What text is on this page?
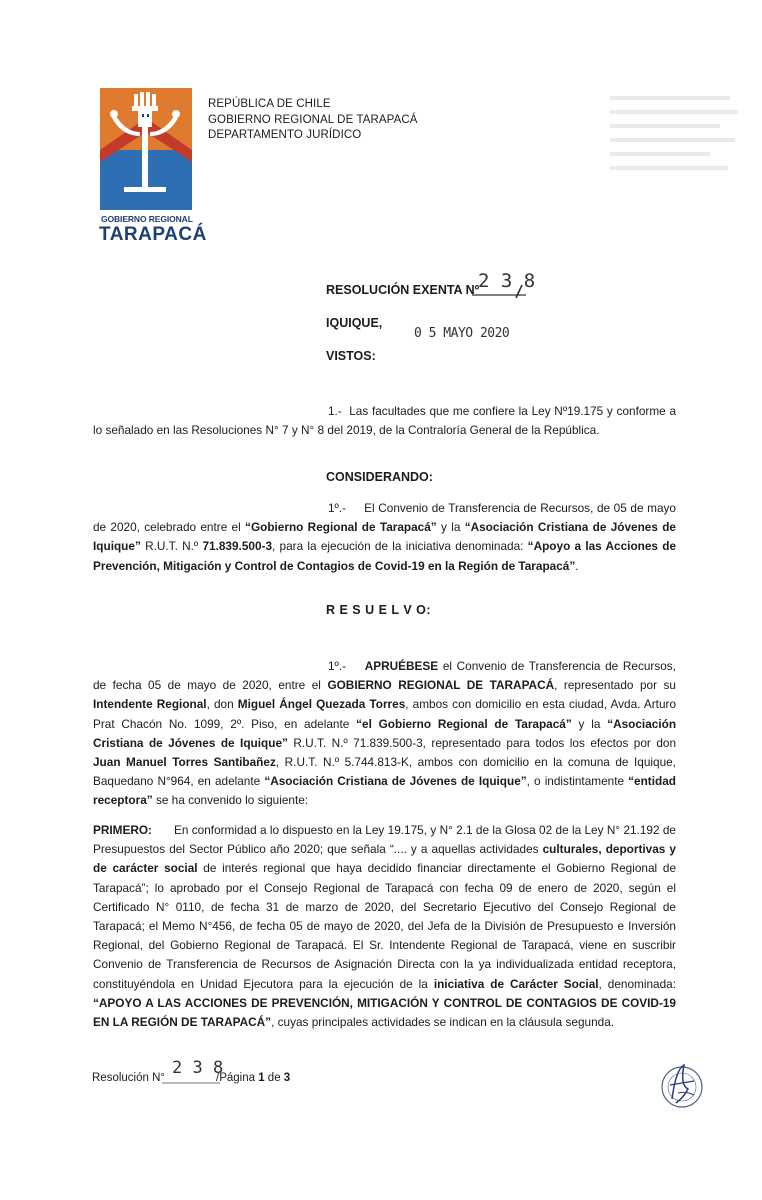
GOBIERNO REGIONAL
TARAPACÁ
REPÚBLICA DE CHILE
GOBIERNO REGIONAL DE TARAPACÁ
DEPARTAMENTO JURÍDICO
RESOLUCIÓN EXENTA Nº
2 3 8
IQUIQUE,
0 5 MAYO 2020
VISTOS:

1.- Las facultades que me confiere la Ley Nº19.175 y conforme a lo señalado en las Resoluciones N° 7 y N° 8 del 2019, de la Contraloría General de la República.

CONSIDERANDO:

1º.- El Convenio de Transferencia de Recursos, de 05 de mayo de 2020, celebrado entre el “Gobierno Regional de Tarapacá” y la “Asociación Cristiana de Jóvenes de Iquique” R.U.T. N.º 71.839.500-3, para la ejecución de la iniciativa denominada: “Apoyo a las Acciones de Prevención, Mitigación y Control de Contagios de Covid-19 en la Región de Tarapacá”.

R E S U E L V O:

1º.- APRUÉBESE el Convenio de Transferencia de Recursos, de fecha 05 de mayo de 2020, entre el GOBIERNO REGIONAL DE TARAPACÁ, representado por su Intendente Regional, don Miguel Ángel Quezada Torres, ambos con domicilio en esta ciudad, Avda. Arturo Prat Chacón No. 1099, 2º. Piso, en adelante “el Gobierno Regional de Tarapacá” y la “Asociación Cristiana de Jóvenes de Iquique” R.U.T. N.º 71.839.500-3, representado para todos los efectos por don Juan Manuel Torres Santibañez, R.U.T. N.º 5.744.813-K, ambos con domicilio en la comuna de Iquique, Baquedano N°964, en adelante “Asociación Cristiana de Jóvenes de Iquique”, o indistintamente “entidad receptora” se ha convenido lo siguiente:

PRIMERO: En conformidad a lo dispuesto en la Ley 19.175, y N° 2.1 de la Glosa 02 de la Ley N° 21.192 de Presupuestos del Sector Público año 2020; que señala “.... y a aquellas actividades culturales, deportivas y de carácter social de interés regional que haya decidido financiar directamente el Gobierno Regional de Tarapacá”; lo aprobado por el Consejo Regional de Tarapacá con fecha 09 de enero de 2020, según el Certificado N° 0110, de fecha 31 de marzo de 2020, del Secretario Ejecutivo del Consejo Regional de Tarapacá; el Memo N°456, de fecha 05 de mayo de 2020, del Jefa de la División de Presupuesto e Inversión Regional, del Gobierno Regional de Tarapacá. El Sr. Intendente Regional de Tarapacá, viene en suscribir Convenio de Transferencia de Recursos de Asignación Directa con la ya individualizada entidad receptora, constituyéndola en Unidad Ejecutora para la ejecución de la iniciativa de Carácter Social, denominada: “APOYO A LAS ACCIONES DE PREVENCIÓN, MITIGACIÓN Y CONTROL DE CONTAGIOS DE COVID-19 EN LA REGIÓN DE TARAPACÁ”, cuyas principales actividades se indican en la cláusula segunda.

Resolución N° 2 3 8
/Página 1 de 3
